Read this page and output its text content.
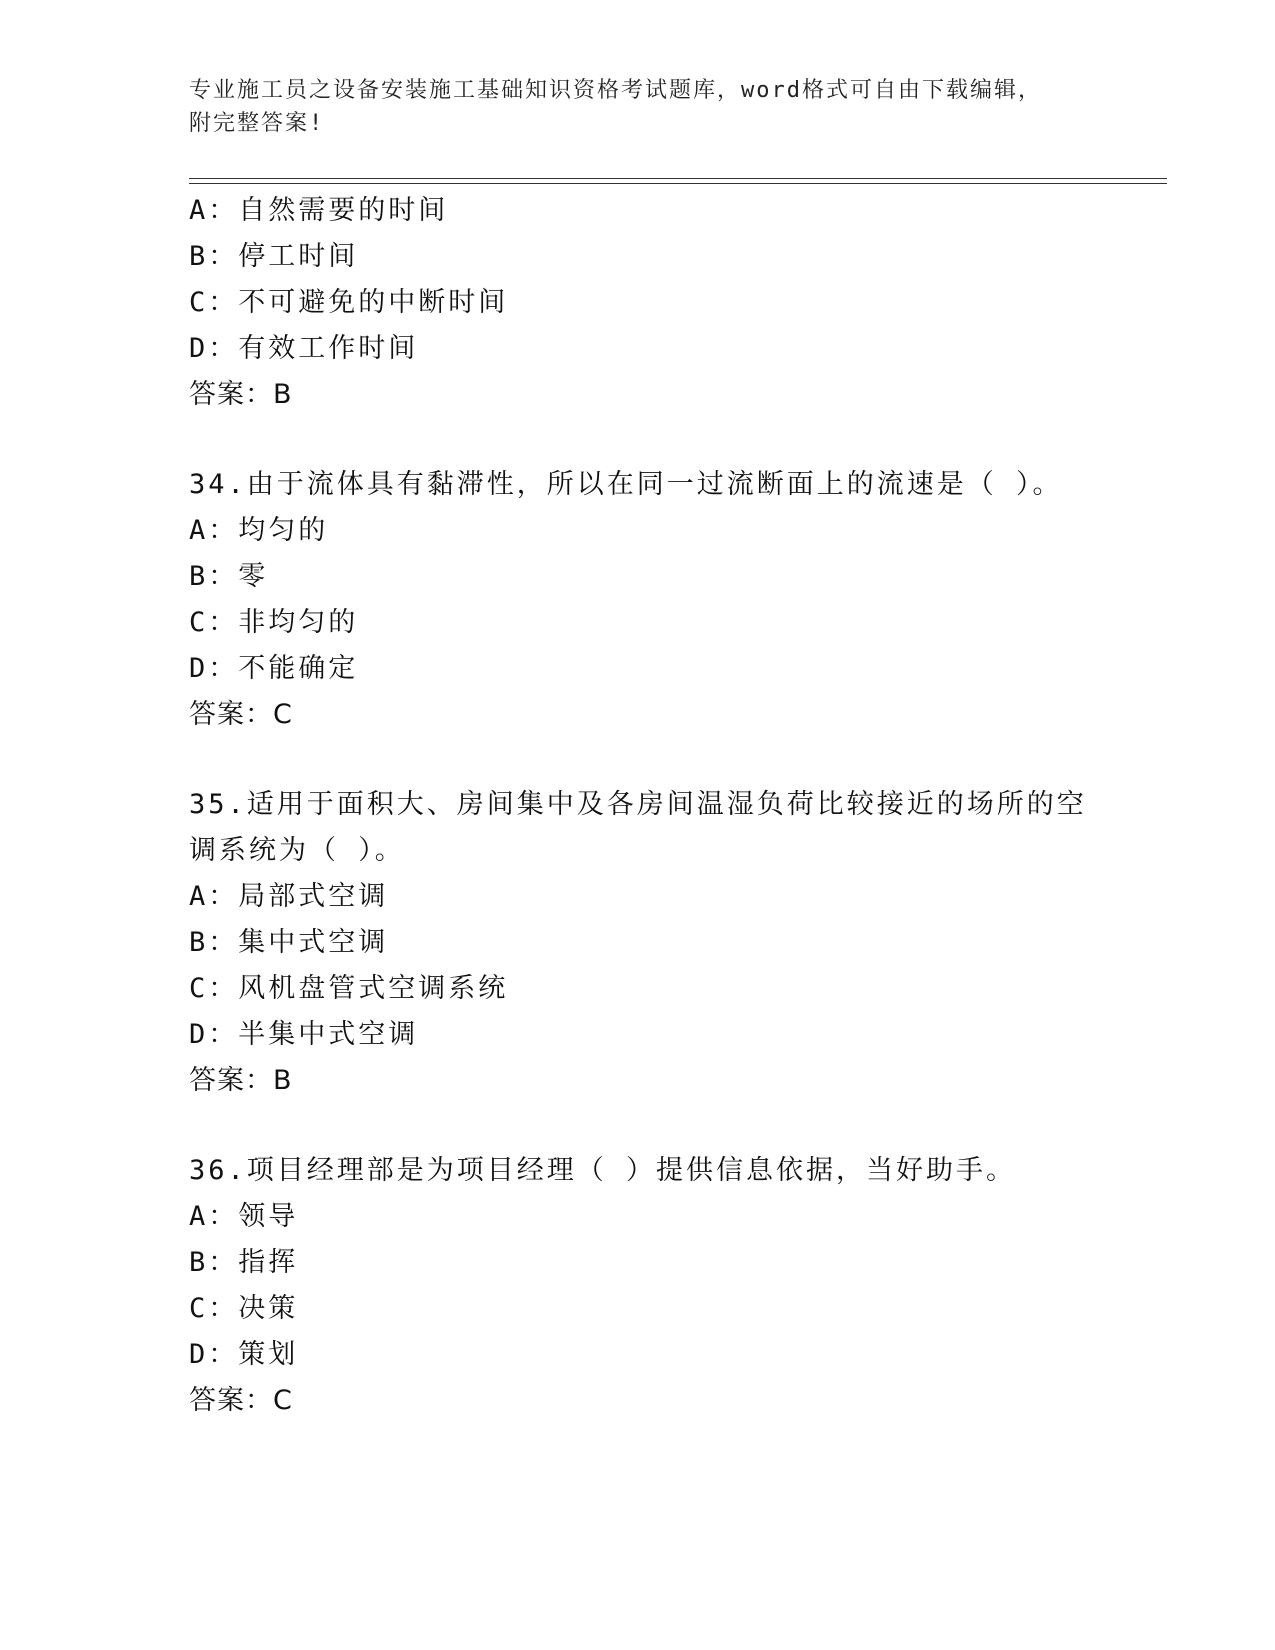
专业施工员之设备安装施工基础知识资格考试题库，word格式可自由下载编辑，
附完整答案!
A：自然需要的时间
B：停工时间
C：不可避免的中断时间
D：有效工作时间
答案：B
34.由于流体具有黏滞性，所以在同一过流断面上的流速是（ ）。
A：均匀的
B：零
C：非均匀的
D：不能确定
答案：C
35.适用于面积大、房间集中及各房间温湿负荷比较接近的场所的空调系统为（ ）。
A：局部式空调
B：集中式空调
C：风机盘管式空调系统
D：半集中式空调
答案：B
36.项目经理部是为项目经理（ ）提供信息依据，当好助手。
A：领导
B：指挥
C：决策
D：策划
答案：C
